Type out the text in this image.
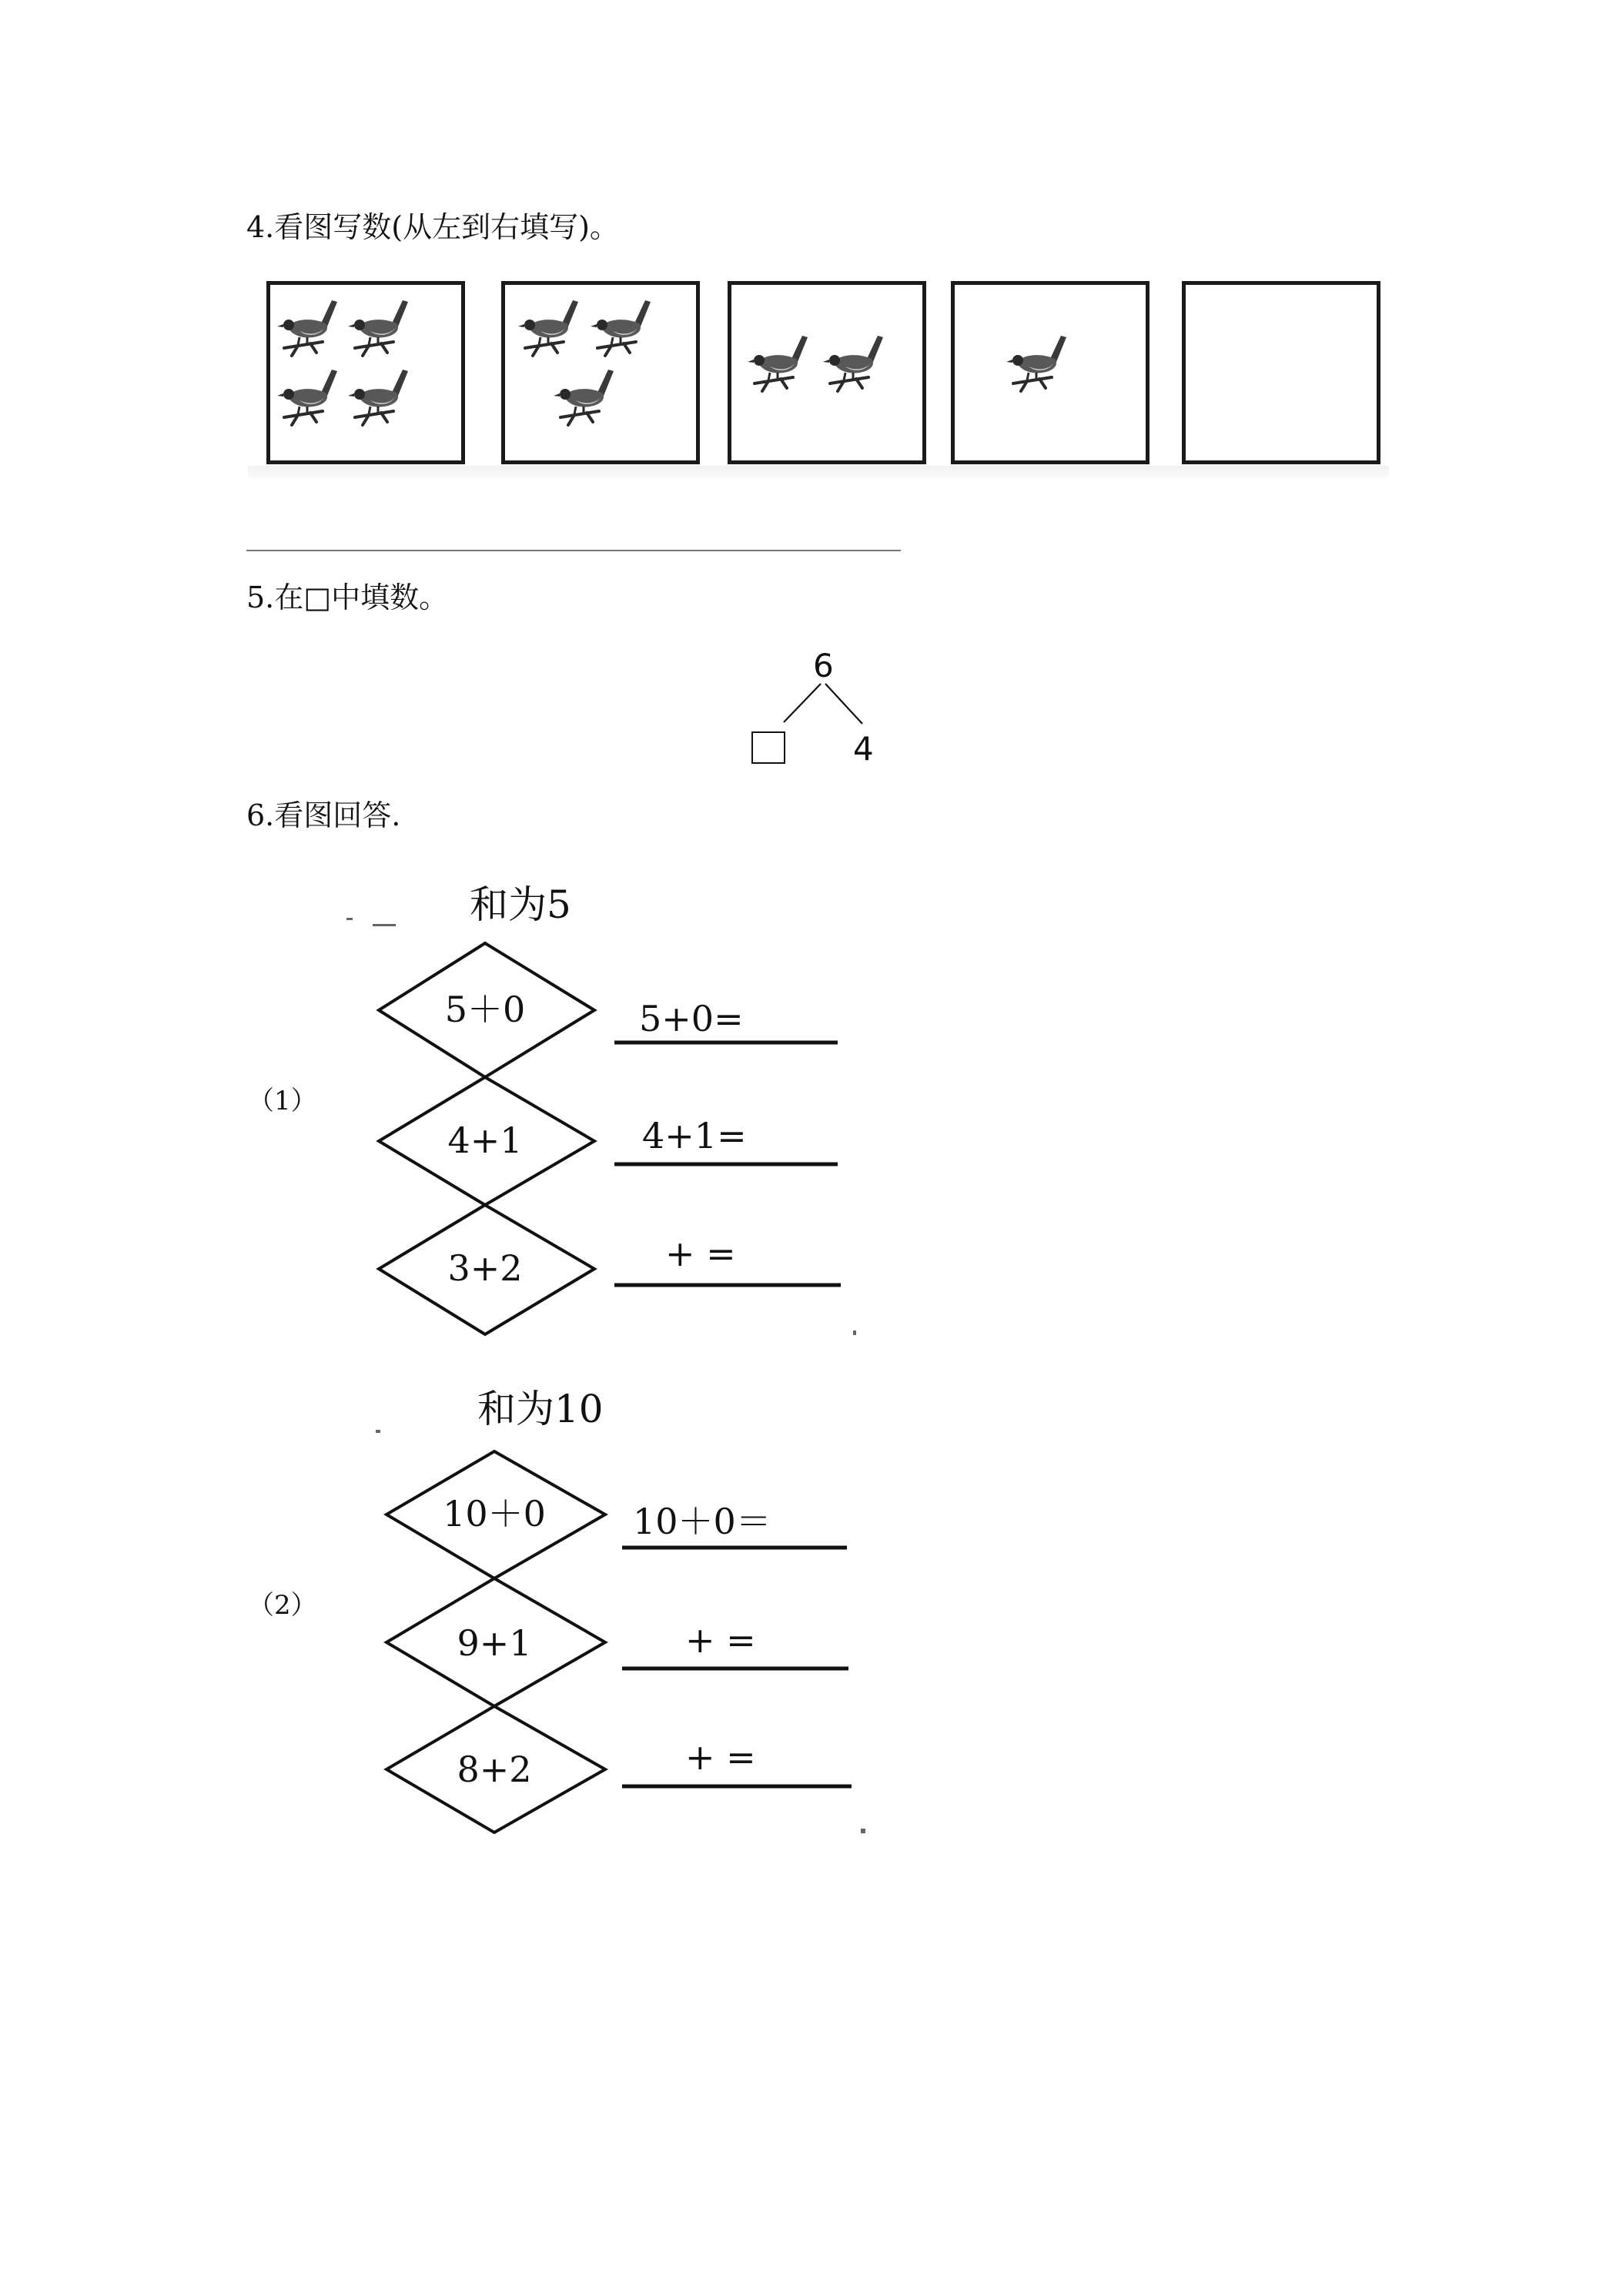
4.看图写数(从左到右填写)。
5.在□中填数。
6
4
6.看图回答.
（1）
和为5
5＋0
4+1
3+2
5+0=
4+1=
+ =
（2）
和为10
10＋0
9+1
8+2
10＋0＝
+ =
+ =
